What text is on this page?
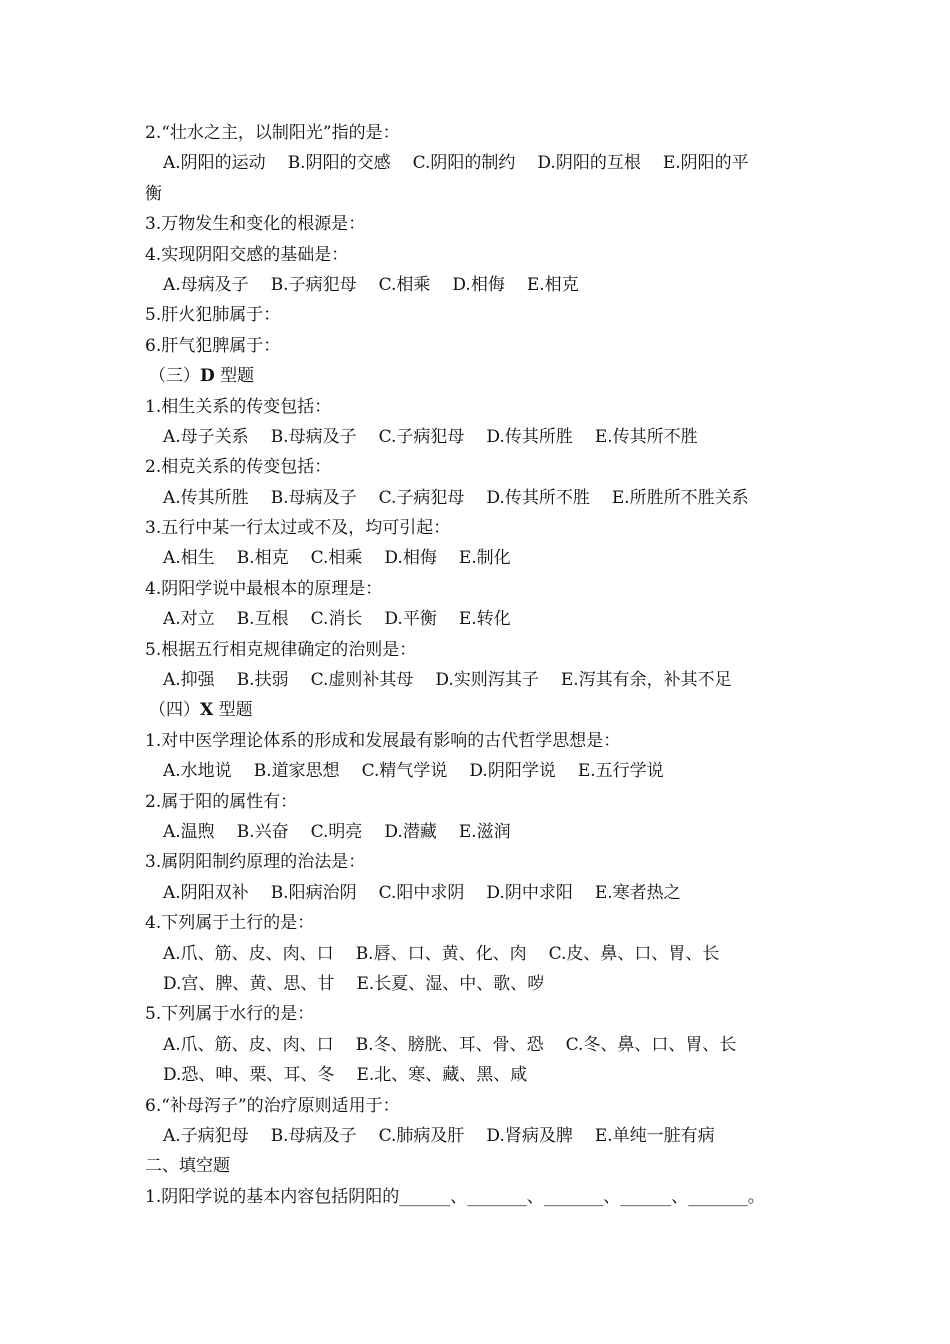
2.“壮水之主，以制阳光”指的是：
A.阴阳的运动 B.阴阳的交感 C.阴阳的制约 D.阴阳的互根 E.阴阳的平
衡
3.万物发生和变化的根源是：
4.实现阴阳交感的基础是：
A.母病及子 B.子病犯母 C.相乘 D.相侮 E.相克
5.肝火犯肺属于：
6.肝气犯脾属于：
（三）D 型题
1.相生关系的传变包括：
A.母子关系 B.母病及子 C.子病犯母 D.传其所胜 E.传其所不胜
2.相克关系的传变包括：
A.传其所胜 B.母病及子 C.子病犯母 D.传其所不胜 E.所胜所不胜关系
3.五行中某一行太过或不及，均可引起：
A.相生 B.相克 C.相乘 D.相侮 E.制化
4.阴阳学说中最根本的原理是：
A.对立 B.互根 C.消长 D.平衡 E.转化
5.根据五行相克规律确定的治则是：
A.抑强 B.扶弱 C.虚则补其母 D.实则泻其子 E.泻其有余，补其不足
（四）X 型题
1.对中医学理论体系的形成和发展最有影响的古代哲学思想是：
A.水地说 B.道家思想 C.精气学说 D.阴阳学说 E.五行学说
2.属于阳的属性有：
A.温煦 B.兴奋 C.明亮 D.潜藏 E.滋润
3.属阴阳制约原理的治法是：
A.阴阳双补 B.阳病治阴 C.阳中求阴 D.阴中求阳 E.寒者热之
4.下列属于土行的是：
A.爪、筋、皮、肉、口 B.唇、口、黄、化、肉 C.皮、鼻、口、胃、长
D.宫、脾、黄、思、甘 E.长夏、湿、中、歌、哕
5.下列属于水行的是：
A.爪、筋、皮、肉、口 B.冬、膀胱、耳、骨、恐 C.冬、鼻、口、胃、长
D.恐、呻、栗、耳、冬 E.北、寒、藏、黑、咸
6.“补母泻子”的治疗原则适用于：
A.子病犯母 B.母病及子 C.肺病及肝 D.肾病及脾 E.单纯一脏有病
二、填空题
1.阴阳学说的基本内容包括阴阳的______、_______、_______、______、_______。
